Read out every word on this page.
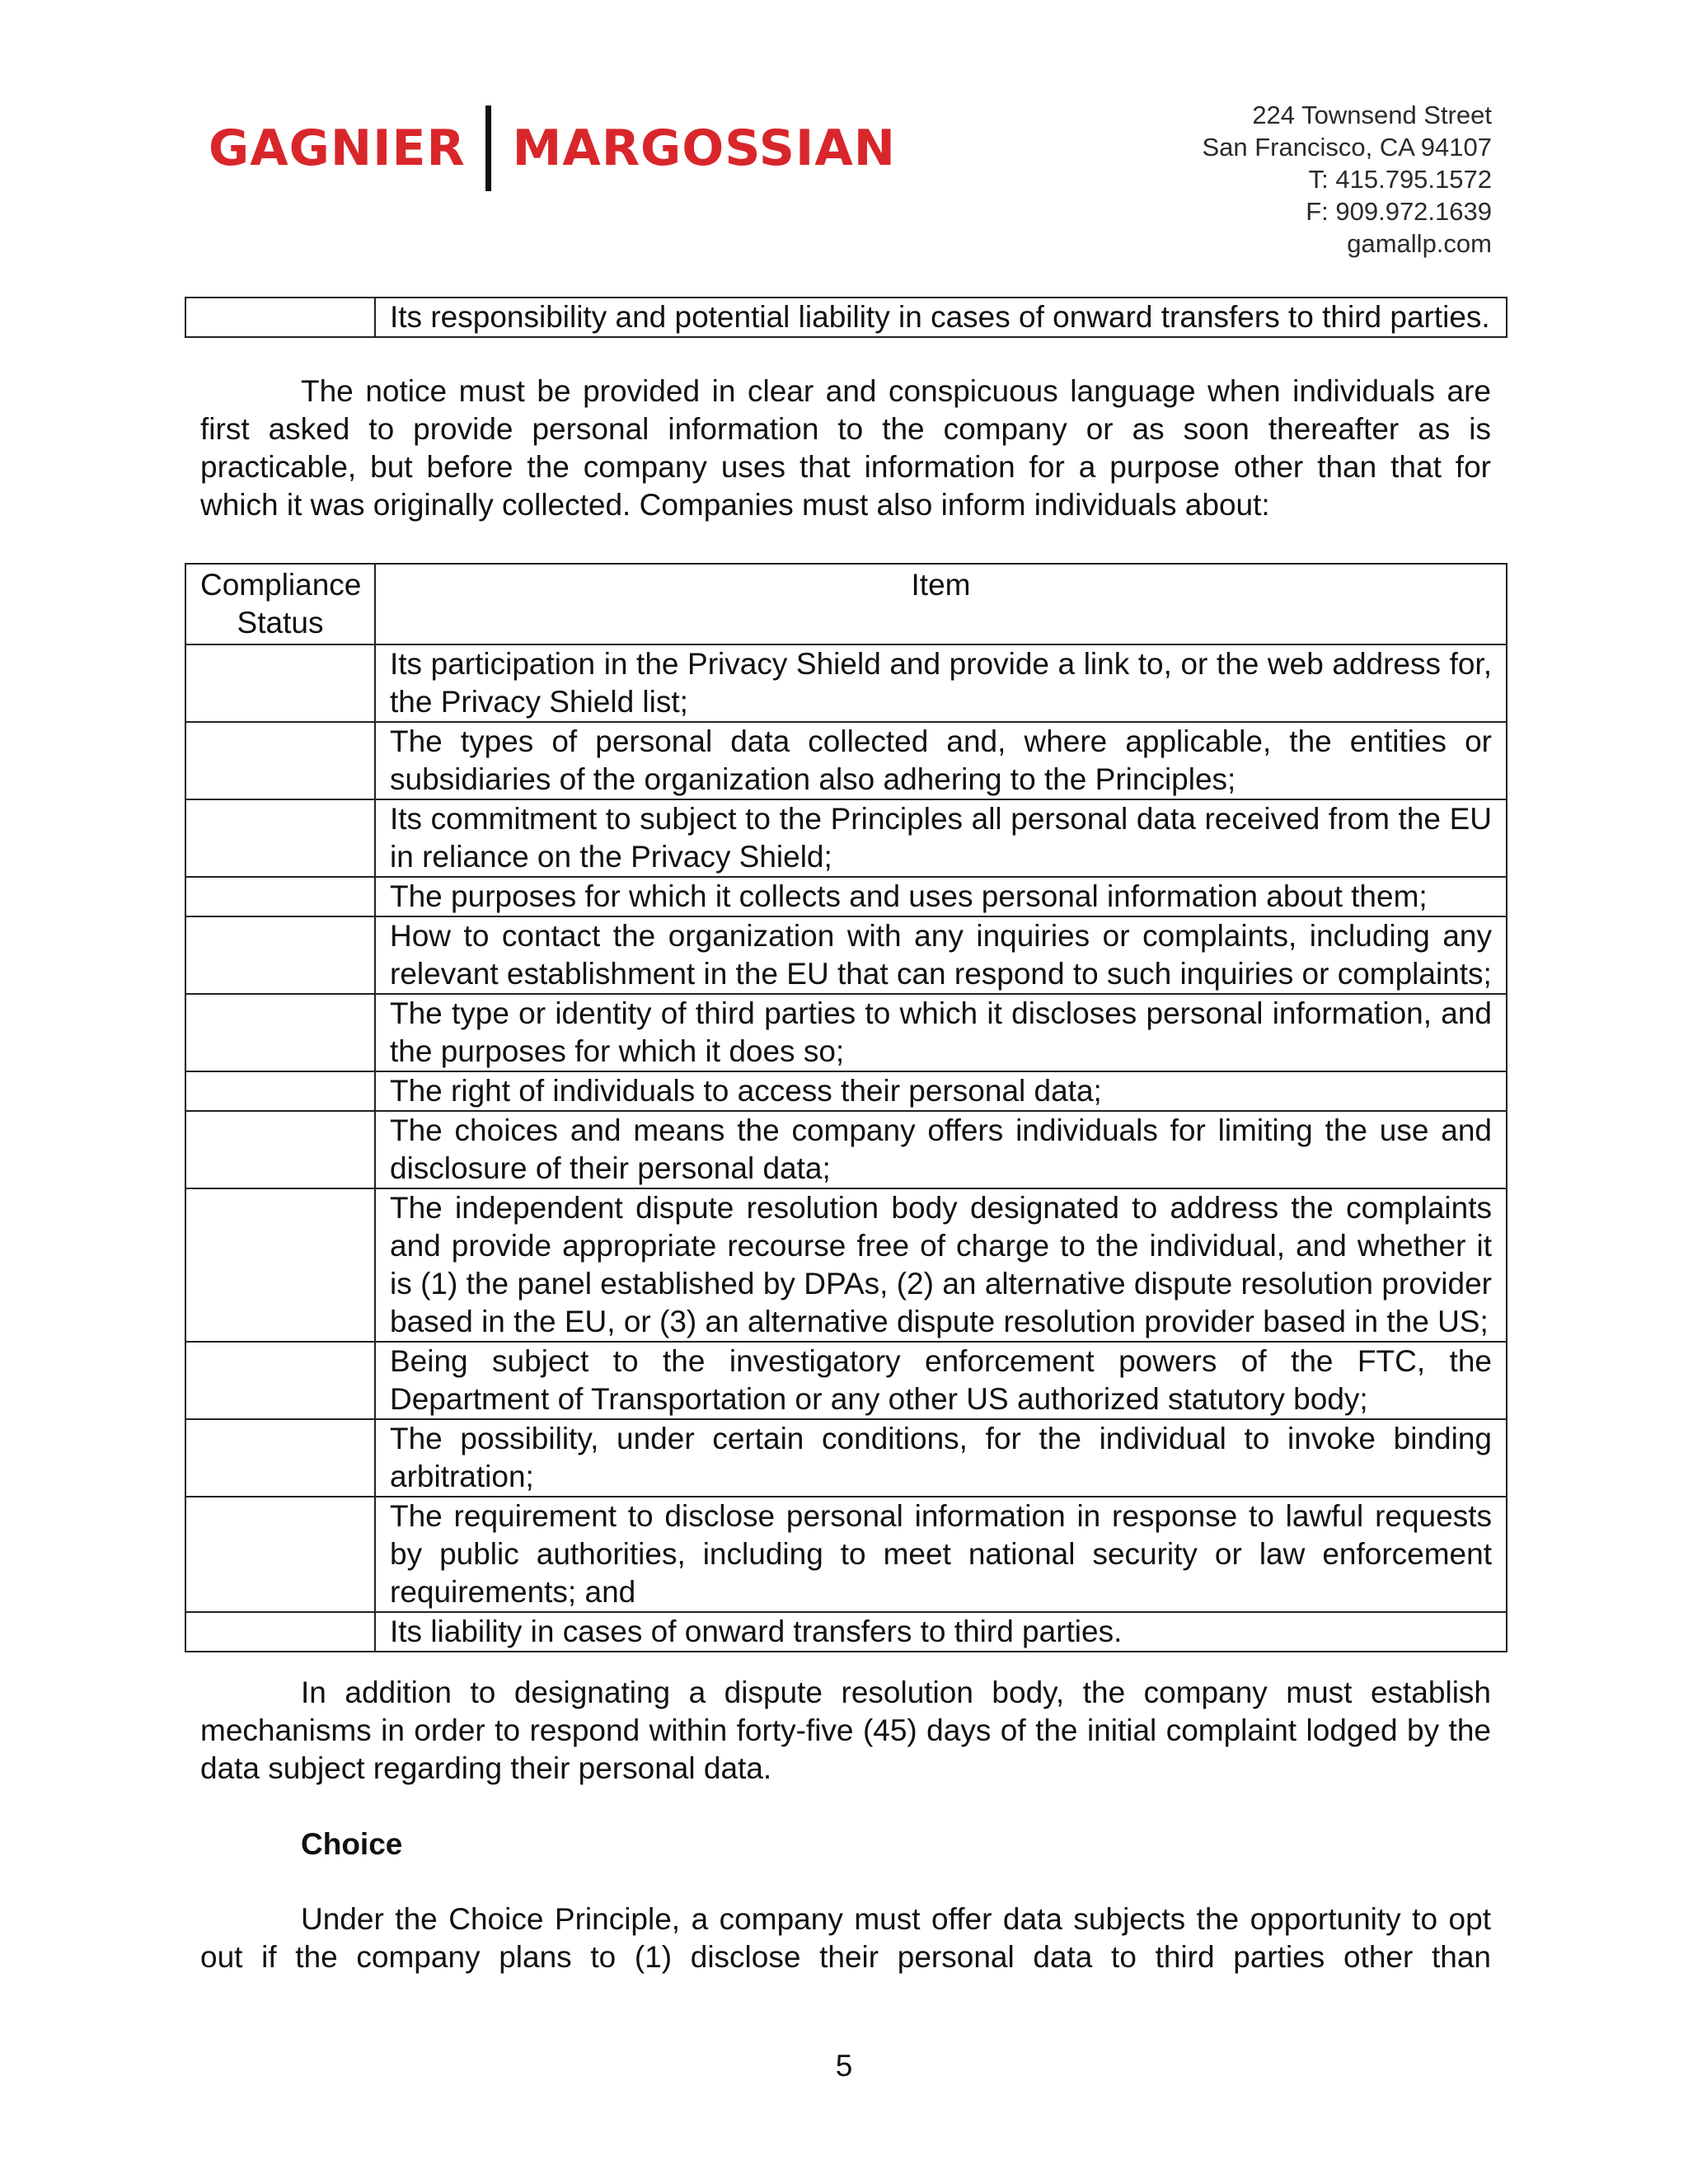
GAGNIER MARGOSSIAN
224 Townsend Street
San Francisco, CA 94107
T: 415.795.1572
F: 909.972.1639
gamallp.com
	Its responsibility and potential liability in cases of onward transfers to third parties.
The notice must be provided in clear and conspicuous language when individuals are first asked to provide personal information to the company or as soon thereafter as is practicable, but before the company uses that information for a purpose other than that for which it was originally collected. Companies must also inform individuals about:
Compliance Status	Item
	Its participation in the Privacy Shield and provide a link to, or the web address for, the Privacy Shield list;
	The types of personal data collected and, where applicable, the entities or subsidiaries of the organization also adhering to the Principles;
	Its commitment to subject to the Principles all personal data received from the EU in reliance on the Privacy Shield;
	The purposes for which it collects and uses personal information about them;
	How to contact the organization with any inquiries or complaints, including any relevant establishment in the EU that can respond to such inquiries or complaints;
	The type or identity of third parties to which it discloses personal information, and the purposes for which it does so;
	The right of individuals to access their personal data;
	The choices and means the company offers individuals for limiting the use and disclosure of their personal data;
	The independent dispute resolution body designated to address the complaints and provide appropriate recourse free of charge to the individual, and whether it is (1) the panel established by DPAs, (2) an alternative dispute resolution provider based in the EU, or (3) an alternative dispute resolution provider based in the US;
	Being subject to the investigatory enforcement powers of the FTC, the Department of Transportation or any other US authorized statutory body;
	The possibility, under certain conditions, for the individual to invoke binding arbitration;
	The requirement to disclose personal information in response to lawful requests by public authorities, including to meet national security or law enforcement requirements; and
	Its liability in cases of onward transfers to third parties.
In addition to designating a dispute resolution body, the company must establish mechanisms in order to respond within forty-five (45) days of the initial complaint lodged by the data subject regarding their personal data.
Choice
Under the Choice Principle, a company must offer data subjects the opportunity to opt out if the company plans to (1) disclose their personal data to third parties other than
5
